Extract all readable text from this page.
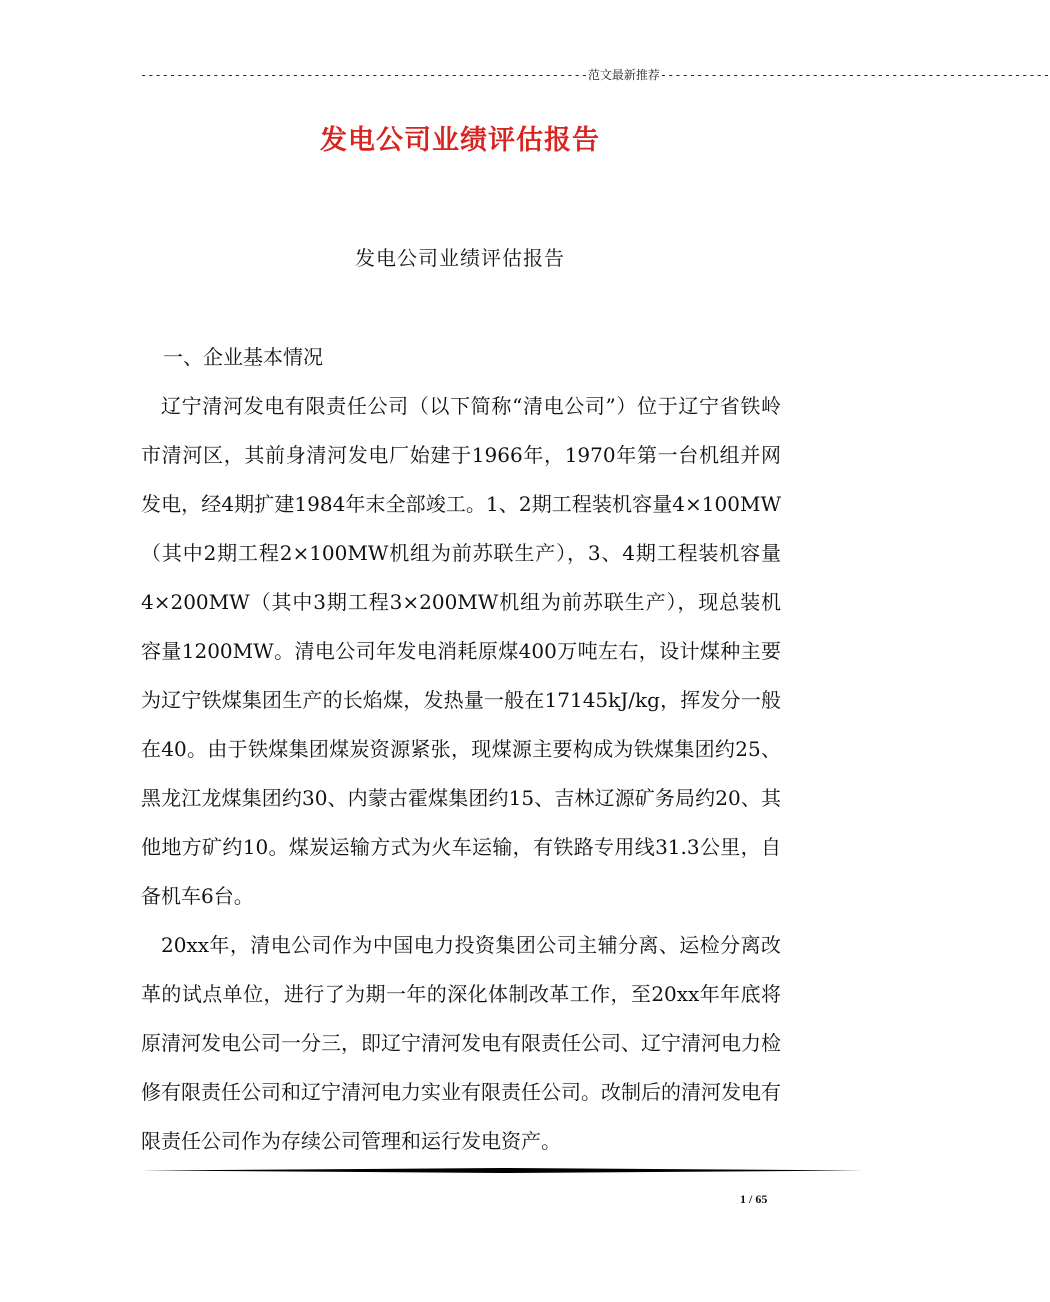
--------------------------------------------------------------范文最新推荐------------------------------------------------------
发电公司业绩评估报告
发电公司业绩评估报告

一、企业基本情况

辽宁清河发电有限责任公司（以下简称“清电公司”）位于辽宁省铁岭市清河区，其前身清河发电厂始建于1966年，1970年第一台机组并网发电，经4期扩建1984年末全部竣工。1、2期工程装机容量4×100MW（其中2期工程2×100MW机组为前苏联生产），3、4期工程装机容量4×200MW（其中3期工程3×200MW机组为前苏联生产），现总装机容量1200MW。清电公司年发电消耗原煤400万吨左右，设计煤种主要为辽宁铁煤集团生产的长焰煤，发热量一般在17145kJ/kg，挥发分一般在40。由于铁煤集团煤炭资源紧张，现煤源主要构成为铁煤集团约25、黑龙江龙煤集团约30、内蒙古霍煤集团约15、吉林辽源矿务局约20、其他地方矿约10。煤炭运输方式为火车运输，有铁路专用线31.3公里，自备机车6台。

20xx年，清电公司作为中国电力投资集团公司主辅分离、运检分离改革的试点单位，进行了为期一年的深化体制改革工作，至20xx年年底将原清河发电公司一分三，即辽宁清河发电有限责任公司、辽宁清河电力检修有限责任公司和辽宁清河电力实业有限责任公司。改制后的清河发电有限责任公司作为存续公司管理和运行发电资产。

1 / 65
